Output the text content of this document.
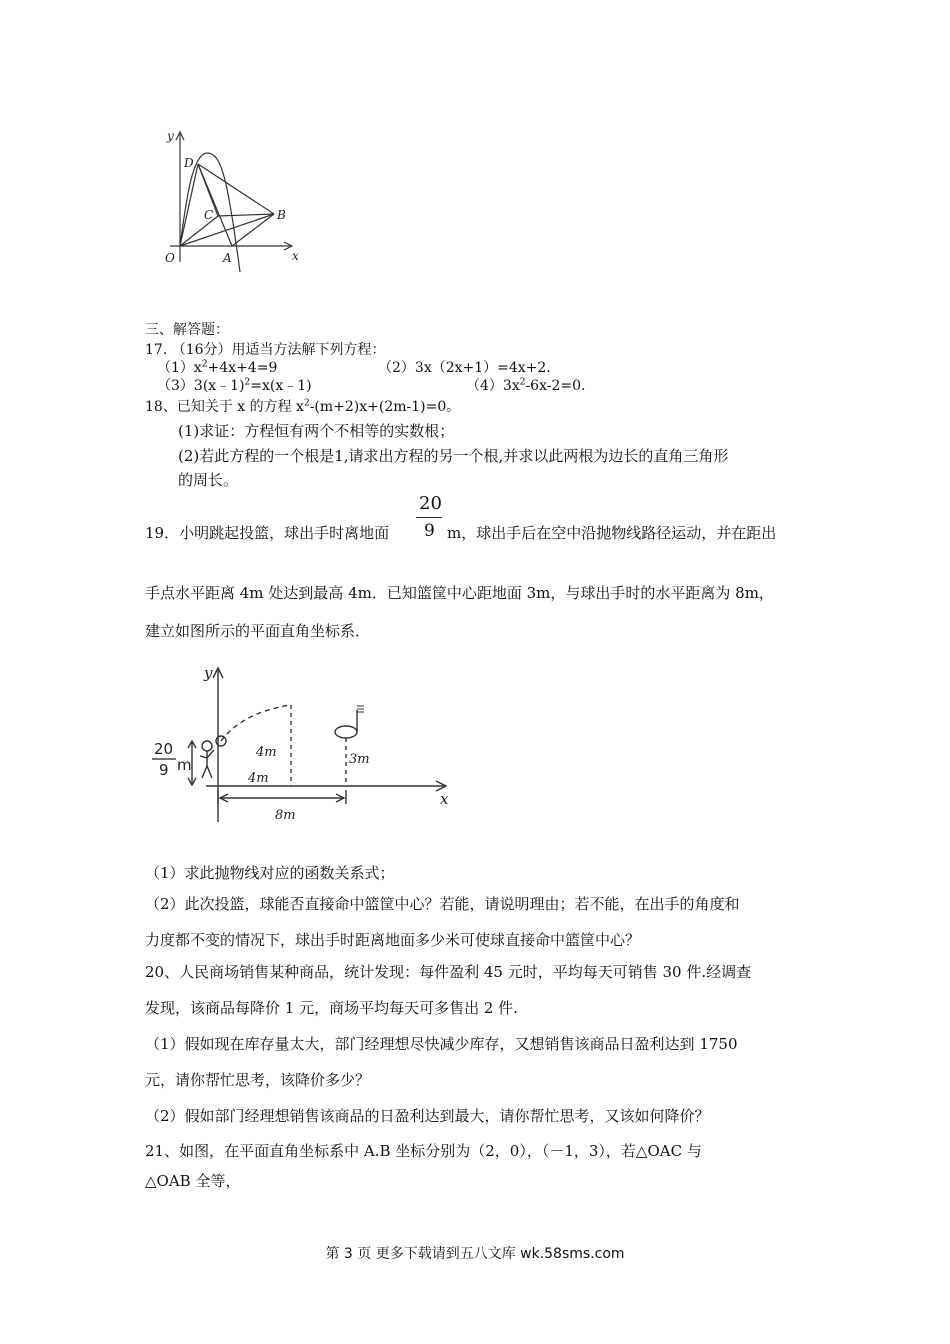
y
x
O	A
B
C
D
三、解答题：
17. （16分）用适当方法解下列方程：
$(1)x^2+4x+4=9$	（2）3x（2x+1）=4x+2.
（3）3(x﹣1)$^2$=x(x﹣1)	$(4)3x^2-6x-2=0$.
18、已知关于 x 的方程 $x^2-(m+2)x+(2m-1)=0$。
(1)求证：方程恒有两个不相等的实数根；
(2)若此方程的一个根是1,请求出方程的另一个根,并求以此两根为边长的直角三角形
的周长。
19．小明跳起投篮，球出手时离地面
20
9 m，球出手后在空中沿抛物线路径运动，并在距出
手点水平距离 4m 处达到最高 4m．已知篮筐中心距地面 3m，与球出手时的水平距离为 8m，
建立如图所示的平面直角坐标系．
y
x
20
9 m
4m
4m
8m
3m
（1）求此抛物线对应的函数关系式；
（2）此次投篮，球能否直接命中篮筐中心？若能，请说明理由；若不能，在出手的角度和
力度都不变的情况下，球出手时距离地面多少米可使球直接命中篮筐中心？
20、人民商场销售某种商品，统计发现：每件盈利 45 元时，平均每天可销售 30 件.经调查
发现，该商品每降价 1 元，商场平均每天可多售出 2 件.
（1）假如现在库存量太大，部门经理想尽快减少库存，又想销售该商品日盈利达到 1750
元，请你帮忙思考，该降价多少？
（2）假如部门经理想销售该商品的日盈利达到最大，请你帮忙思考，又该如何降价？
21、如图，在平面直角坐标系中 A.B 坐标分别为（2，0），（－1，3），若△OAC 与
△OAB 全等，
第 3 页 更多下载请到五八文库 wk.58sms.com
